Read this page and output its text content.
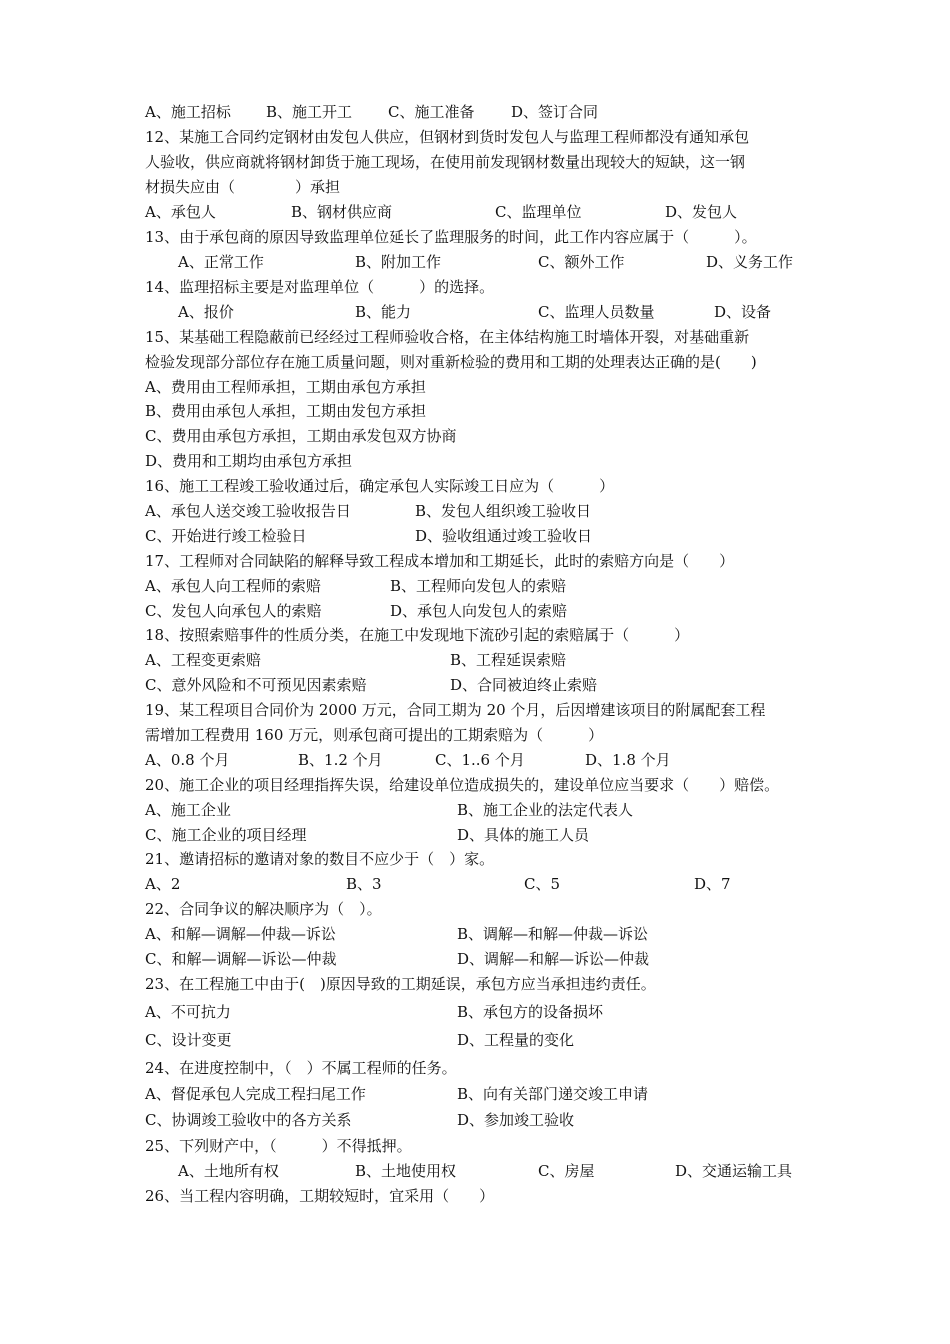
A、施工招标 B、施工开工 C、施工准备 D、签订合同
12、某施工合同约定钢材由发包人供应，但钢材到货时发包人与监理工程师都没有通知承包
人验收，供应商就将钢材卸货于施工现场，在使用前发现钢材数量出现较大的短缺，这一钢
材损失应由（　　　　）承担
A、承包人	B、钢材供应商	C、监理单位	D、发包人
13、由于承包商的原因导致监理单位延长了监理服务的时间，此工作内容应属于（　　　）。
A、正常工作	B、附加工作	C、额外工作	D、义务工作
14、监理招标主要是对监理单位（　　　）的选择。
A、报价	B、能力	C、监理人员数量	D、设备
15、某基础工程隐蔽前已经经过工程师验收合格，在主体结构施工时墙体开裂，对基础重新
检验发现部分部位存在施工质量问题，则对重新检验的费用和工期的处理表达正确的是(　　)
A、费用由工程师承担，工期由承包方承担
B、费用由承包人承担，工期由发包方承担
C、费用由承包方承担，工期由承发包双方协商
D、费用和工期均由承包方承担
16、施工工程竣工验收通过后，确定承包人实际竣工日应为（　　　）
A、承包人送交竣工验收报告日	B、发包人组织竣工验收日
C、开始进行竣工检验日	D、验收组通过竣工验收日
17、工程师对合同缺陷的解释导致工程成本增加和工期延长，此时的索赔方向是（　　）
A、承包人向工程师的索赔	B、工程师向发包人的索赔
C、发包人向承包人的索赔	D、承包人向发包人的索赔
18、按照索赔事件的性质分类，在施工中发现地下流砂引起的索赔属于（　　　）
A、工程变更索赔	B、工程延误索赔
C、意外风险和不可预见因素索赔	D、合同被迫终止索赔
19、某工程项目合同价为 2000 万元，合同工期为 20 个月，后因增建该项目的附属配套工程
需增加工程费用 160 万元，则承包商可提出的工期索赔为（　　　）
A、0.8 个月	B、1.2 个月	C、1..6 个月	D、1.8 个月
20、施工企业的项目经理指挥失误，给建设单位造成损失的，建设单位应当要求（　　）赔偿。
A、施工企业	B、施工企业的法定代表人
C、施工企业的项目经理	D、具体的施工人员
21、邀请招标的邀请对象的数目不应少于（　）家。
A、2	B、3	C、5	D、7
22、合同争议的解决顺序为（　）。
A、和解—调解—仲裁—诉讼	B、调解—和解—仲裁—诉讼
C、和解—调解—诉讼—仲裁	D、调解—和解—诉讼—仲裁
23、在工程施工中由于(　)原因导致的工期延误，承包方应当承担违约责任。
A、不可抗力	B、承包方的设备损坏
C、设计变更	D、工程量的变化
24、在进度控制中，（　）不属工程师的任务。
A、督促承包人完成工程扫尾工作	B、向有关部门递交竣工申请
C、协调竣工验收中的各方关系	D、参加竣工验收
25、下列财产中，（　　　）不得抵押。
A、土地所有权	B、土地使用权	C、房屋	D、交通运输工具
26、当工程内容明确，工期较短时，宜采用（　　）
